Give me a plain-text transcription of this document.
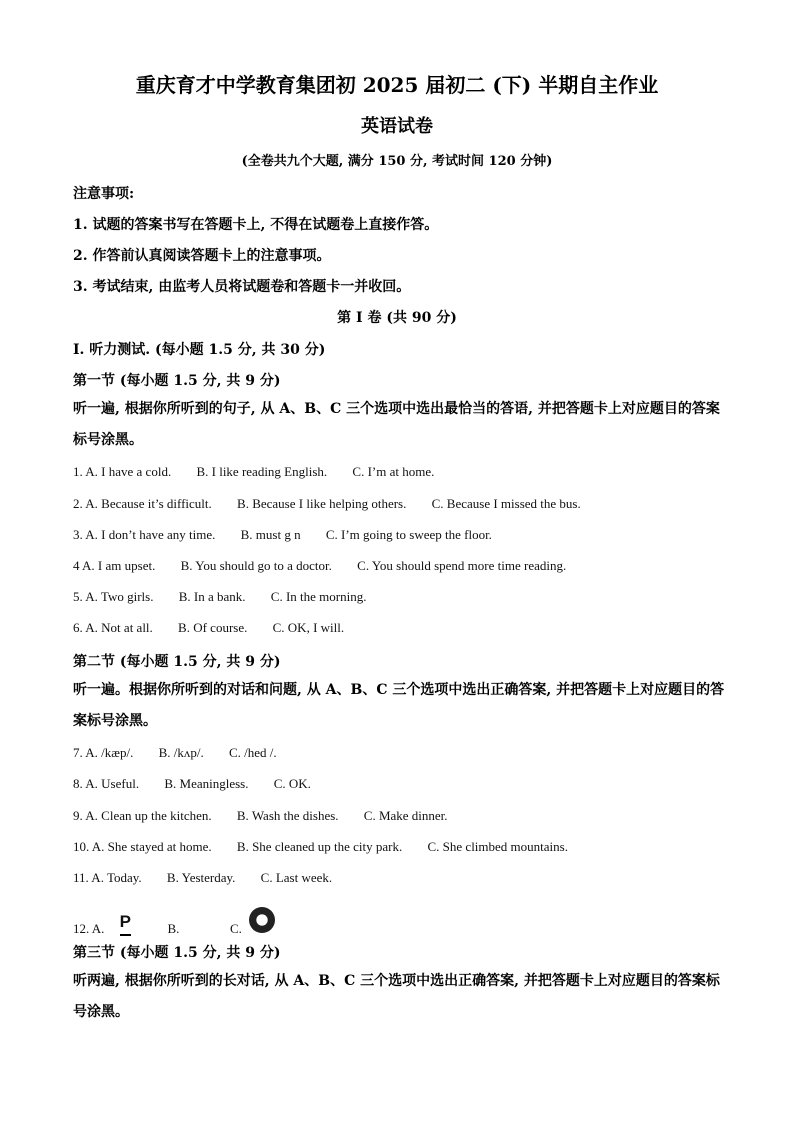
重庆育才中学教育集团初 2025 届初二 (下) 半期自主作业
英语试卷
(全卷共九个大题, 满分 150 分, 考试时间 120 分钟)
注意事项:
1. 试题的答案书写在答题卡上, 不得在试题卷上直接作答。
2. 作答前认真阅读答题卡上的注意事项。
3. 考试结束, 由监考人员将试题卷和答题卡一并收回。
第 I 卷 (共 90 分)
I. 听力测试. (每小题 1.5 分, 共 30 分)
第一节 (每小题 1.5 分, 共 9 分)
听一遍, 根据你所听到的句子, 从 A、B、C 三个选项中选出最恰当的答语, 并把答题卡上对应题目的答案标号涂黑。
1. A. I have a cold. B. I like reading English. C. I’m at home.
2. A. Because it’s difficult. B. Because I like helping others. C. Because I missed the bus.
3. A. I don’t have any time. B. must g n C. I’m going to sweep the floor.
4 A. I am upset. B. You should go to a doctor. C. You should spend more time reading.
5. A. Two girls. B. In a bank. C. In the morning.
6. A. Not at all. B. Of course. C. OK, I will.
第二节 (每小题 1.5 分, 共 9 分)
听一遍。根据你所听到的对话和问题, 从 A、B、C 三个选项中选出正确答案, 并把答题卡上对应题目的答案标号涂黑。
7. A. /kæp/. B. /kʌp/. C. /hed /.
8. A. Useful. B. Meaningless. C. OK.
9. A. Clean up the kitchen. B. Wash the dishes. C. Make dinner.
10. A. She stayed at home. B. She cleaned up the city park. C. She climbed mountains.
11. A. Today. B. Yesterday. C. Last week.
12. A. P	B.	C.
第三节 (每小题 1.5 分, 共 9 分)
听两遍, 根据你所听到的长对话, 从 A、B、C 三个选项中选出正确答案, 并把答题卡上对应题目的答案标号涂黑。
